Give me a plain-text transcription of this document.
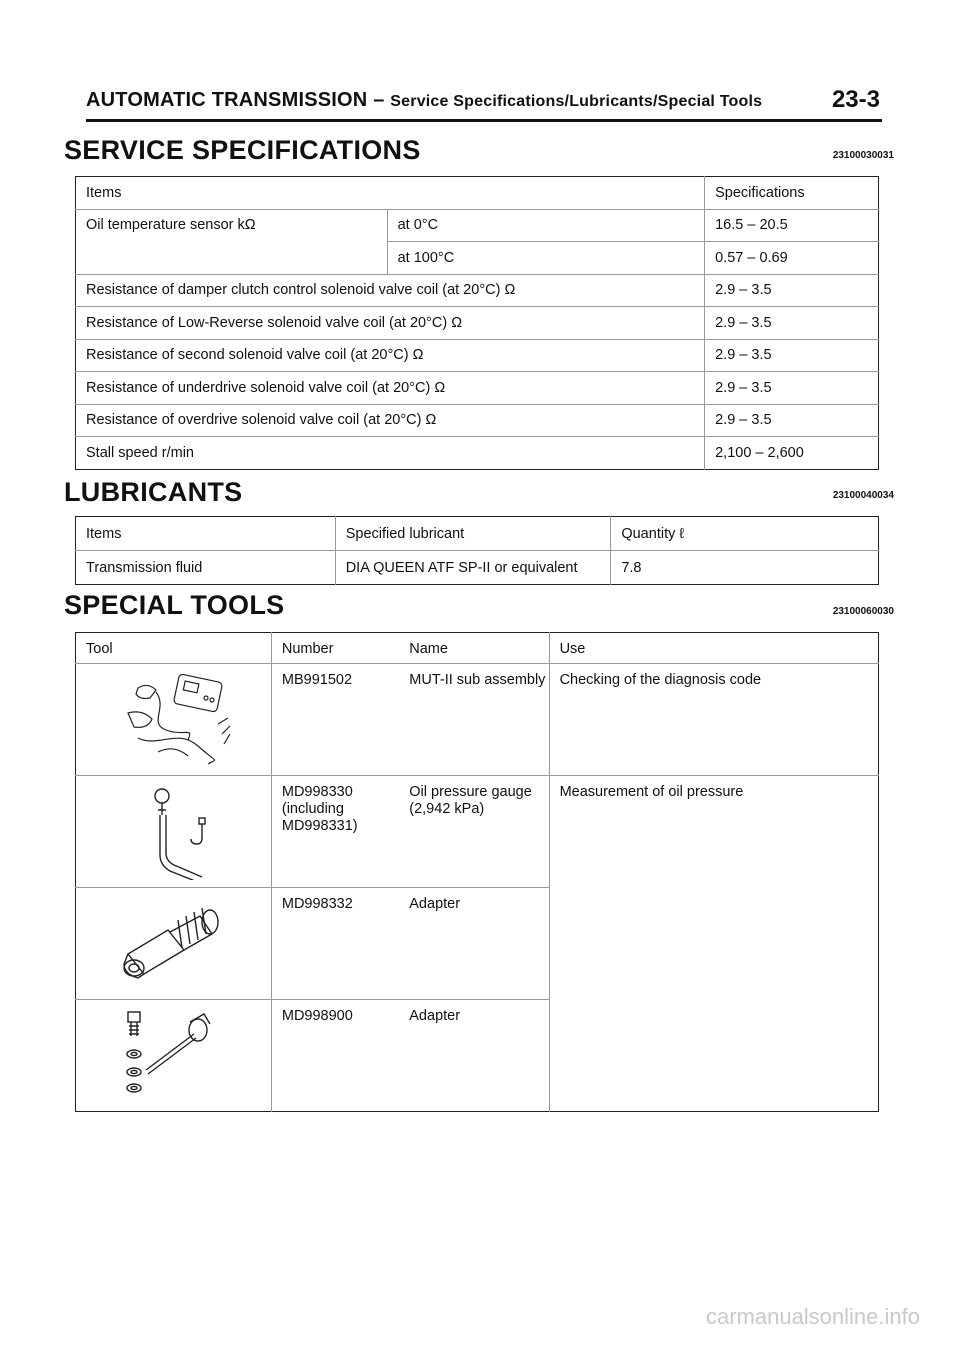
AUTOMATIC TRANSMISSION – Service Specifications/Lubricants/Special Tools	23-3
SERVICE SPECIFICATIONS	23100030031
Items		Specifications
Oil temperature sensor kΩ	at 0°C	16.5 – 20.5
	at 100°C	0.57 – 0.69
Resistance of damper clutch control solenoid valve coil (at 20°C) Ω		2.9 – 3.5
Resistance of Low-Reverse solenoid valve coil (at 20°C) Ω		2.9 – 3.5
Resistance of second solenoid valve coil (at 20°C) Ω		2.9 – 3.5
Resistance of underdrive solenoid valve coil (at 20°C) Ω		2.9 – 3.5
Resistance of overdrive solenoid valve coil (at 20°C) Ω		2.9 – 3.5
Stall speed r/min		2,100 – 2,600
LUBRICANTS	23100040034
Items	Specified lubricant	Quantity ℓ
Transmission fluid	DIA QUEEN ATF SP-II or equivalent	7.8
SPECIAL TOOLS	23100060030
Tool	Number	Name	Use

	MB991502	MUT-II sub assembly	Checking of the diagnosis code

	MD998330 (including MD998331)	Oil pressure gauge (2,942 kPa)	Measurement of oil pressure

	MD998332	Adapter	

	MD998900	Adapter	
carmanualsonline.info
